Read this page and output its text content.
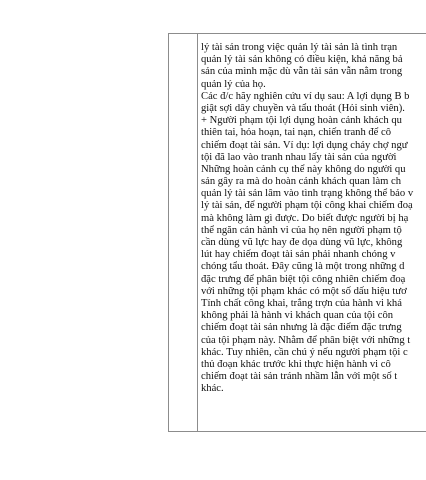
lý tài sản trong việc quản lý tài sản là tình trạn
quản lý tài sản không có điều kiện, khả năng bả
sản của mình mặc dù vẫn tài sản vẫn nằm trong
quản lý của họ.
Các đ/c hãy nghiên cứu ví dụ sau: A lợi dụng B b
giật sợi dây chuyền và tẩu thoát (Hỏi sinh viên).
+ Người phạm tội lợi dụng hoàn cảnh khách qu
thiên tai, hỏa hoạn, tai nạn, chiến tranh để cô
chiếm đoạt tài sản. Ví dụ: lợi dụng cháy chợ ngư
tội đã lao vào tranh nhau lấy tài sản của người
Những hoàn cảnh cụ thể này không do người qu
sản gây ra mà do hoàn cảnh khách quan làm ch
quản lý tài sản lâm vào tình trạng không thể bảo v
lý tài sản, để người phạm tội công khai chiếm đoạ
mà không làm gì được. Do biết được người bị hạ
thể ngăn cản hành vi của họ nên người phạm tộ
cần dùng vũ lực hay đe dọa dùng vũ lực, không
lút hay chiếm đoạt tài sản phải nhanh chóng v
chóng tẩu thoát. Đây cũng là một trong những d
đặc trưng để phân biệt tội công nhiên chiếm đoạ
với những tội phạm khác có một số dấu hiệu tươ
Tính chất công khai, trắng trợn của hành vi khá
không phải là hành vi khách quan của tội côn
chiếm đoạt tài sản nhưng là đặc điểm đặc trưng
của tội phạm này. Nhằm để phân biệt với những t
khác. Tuy nhiên, cần chú ý nếu người phạm tội c
thủ đoạn khác trước khi thực hiện hành vi cô
chiếm đoạt tài sản tránh nhầm lẫn với một số t
khác.
